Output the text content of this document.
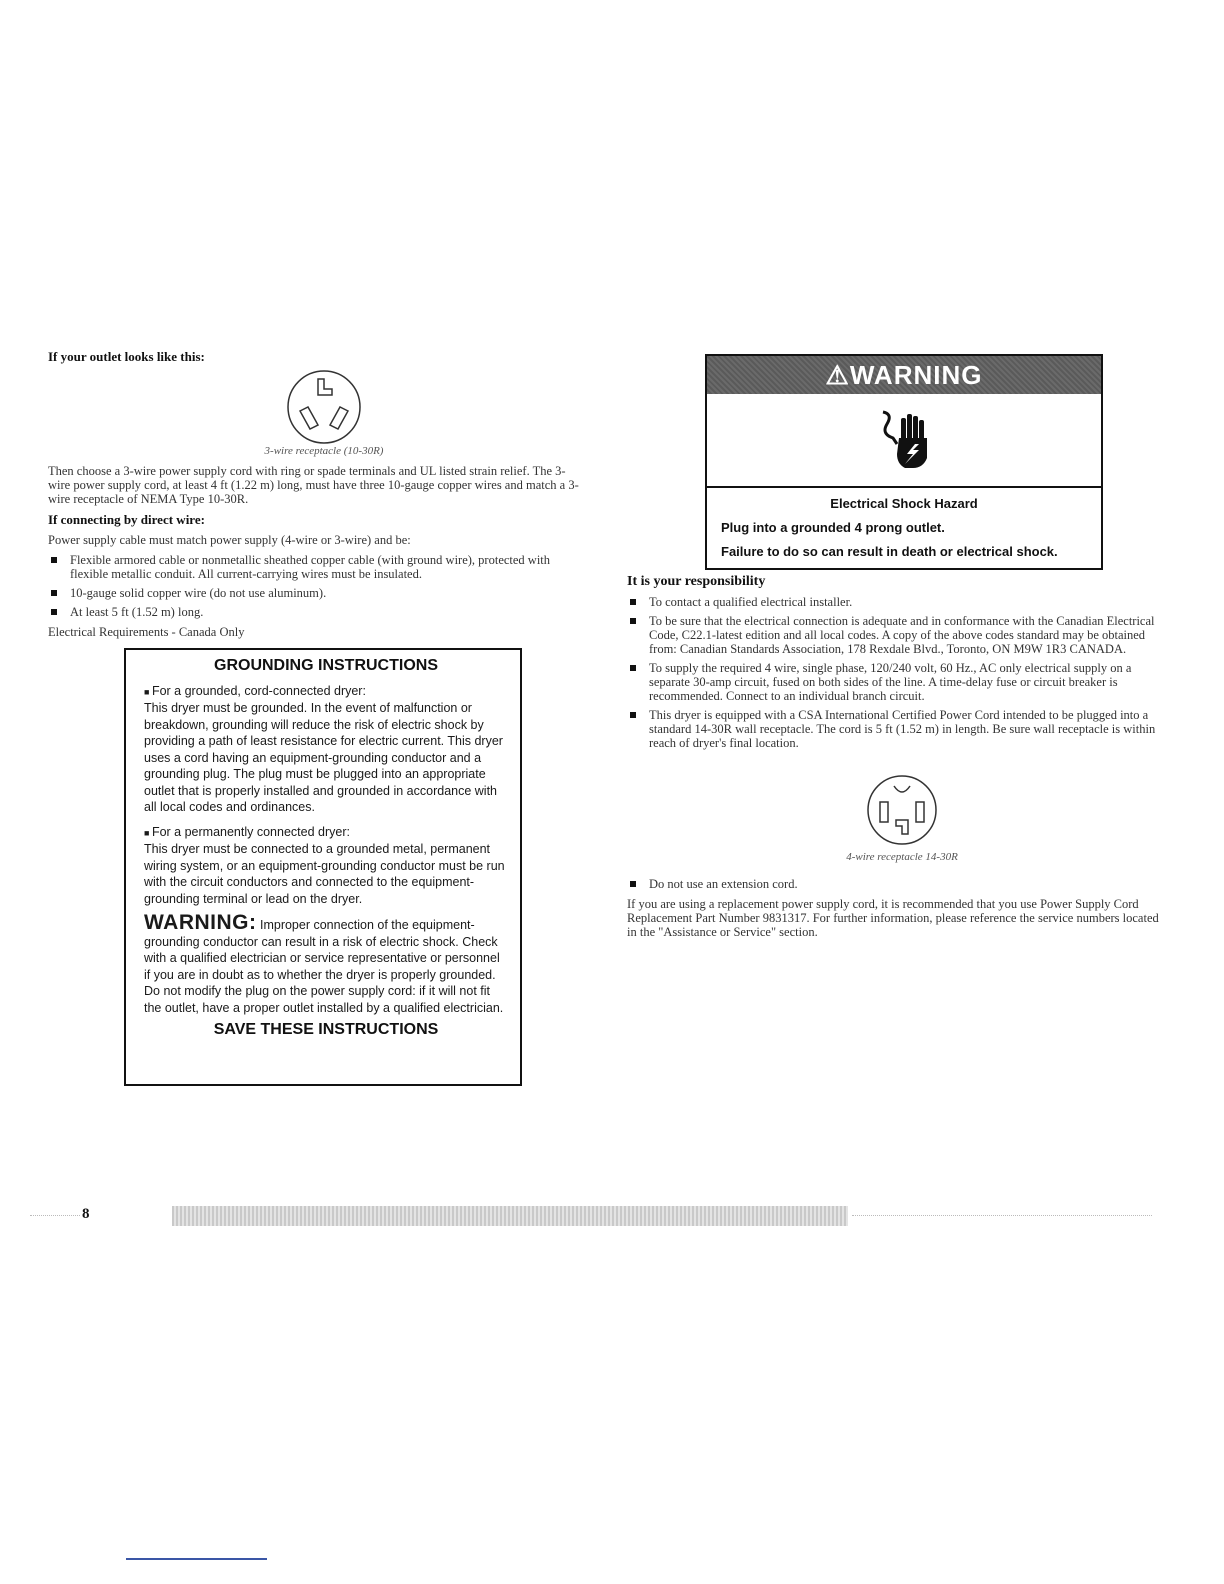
If your outlet looks like this:
3-wire receptacle (10-30R)
Then choose a 3-wire power supply cord with ring or spade terminals and UL listed strain relief. The 3-wire power supply cord, at least 4 ft (1.22 m) long, must have three 10-gauge copper wires and match a 3-wire receptacle of NEMA Type 10-30R.
If connecting by direct wire:
Power supply cable must match power supply (4-wire or 3-wire) and be:
Flexible armored cable or nonmetallic sheathed copper cable (with ground wire), protected with flexible metallic conduit. All current-carrying wires must be insulated.
10-gauge solid copper wire (do not use aluminum).
At least 5 ft (1.52 m) long.
Electrical Requirements - Canada Only
GROUNDING INSTRUCTIONS
■ For a grounded, cord-connected dryer:

This dryer must be grounded. In the event of malfunction or breakdown, grounding will reduce the risk of electric shock by providing a path of least resistance for electric current. This dryer uses a cord having an equipment-grounding conductor and a grounding plug. The plug must be plugged into an appropriate outlet that is properly installed and grounded in accordance with all local codes and ordinances.

■ For a permanently connected dryer:

This dryer must be connected to a grounded metal, permanent wiring system, or an equipment-grounding conductor must be run with the circuit conductors and connected to the equipment-grounding terminal or lead on the dryer.

WARNING: Improper connection of the equipment-grounding conductor can result in a risk of electric shock. Check with a qualified electrician or service representative or personnel if you are in doubt as to whether the dryer is properly grounded. Do not modify the plug on the power supply cord: if it will not fit the outlet, have a proper outlet installed by a qualified electrician.

SAVE THESE INSTRUCTIONS
⚠WARNING
Electrical Shock Hazard
Plug into a grounded 4 prong outlet.
Failure to do so can result in death or electrical shock.
It is your responsibility
To contact a qualified electrical installer.
To be sure that the electrical connection is adequate and in conformance with the Canadian Electrical Code, C22.1-latest edition and all local codes. A copy of the above codes standard may be obtained from: Canadian Standards Association, 178 Rexdale Blvd., Toronto, ON M9W 1R3 CANADA.
To supply the required 4 wire, single phase, 120/240 volt, 60 Hz., AC only electrical supply on a separate 30-amp circuit, fused on both sides of the line. A time-delay fuse or circuit breaker is recommended. Connect to an individual branch circuit.
This dryer is equipped with a CSA International Certified Power Cord intended to be plugged into a standard 14-30R wall receptacle. The cord is 5 ft (1.52 m) in length. Be sure wall receptacle is within reach of dryer's final location.
4-wire receptacle 14-30R
Do not use an extension cord.
If you are using a replacement power supply cord, it is recommended that you use Power Supply Cord Replacement Part Number 9831317. For further information, please reference the service numbers located in the "Assistance or Service" section.
8
